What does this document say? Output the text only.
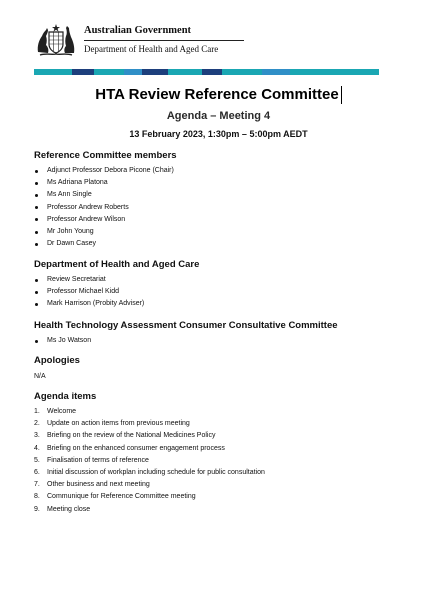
Australian Government
Department of Health and Aged Care
HTA Review Reference Committee
Agenda – Meeting 4
13 February 2023, 1:30pm – 5:00pm AEDT
Reference Committee members
Adjunct Professor Debora Picone (Chair)
Ms Adriana Platona
Ms Ann Single
Professor Andrew Roberts
Professor Andrew Wilson
Mr John Young
Dr Dawn Casey
Department of Health and Aged Care
Review Secretariat
Professor Michael Kidd
Mark Harrison (Probity Adviser)
Health Technology Assessment Consumer Consultative Committee
Ms Jo Watson
Apologies
N/A
Agenda items
1.	Welcome
2.	Update on action items from previous meeting
3.	Briefing on the review of the National Medicines Policy
4.	Briefing on the enhanced consumer engagement process
5.	Finalisation of terms of reference
6.	Initial discussion of workplan including schedule for public consultation
7.	Other business and next meeting
8.	Communique for Reference Committee meeting
9.	Meeting close
